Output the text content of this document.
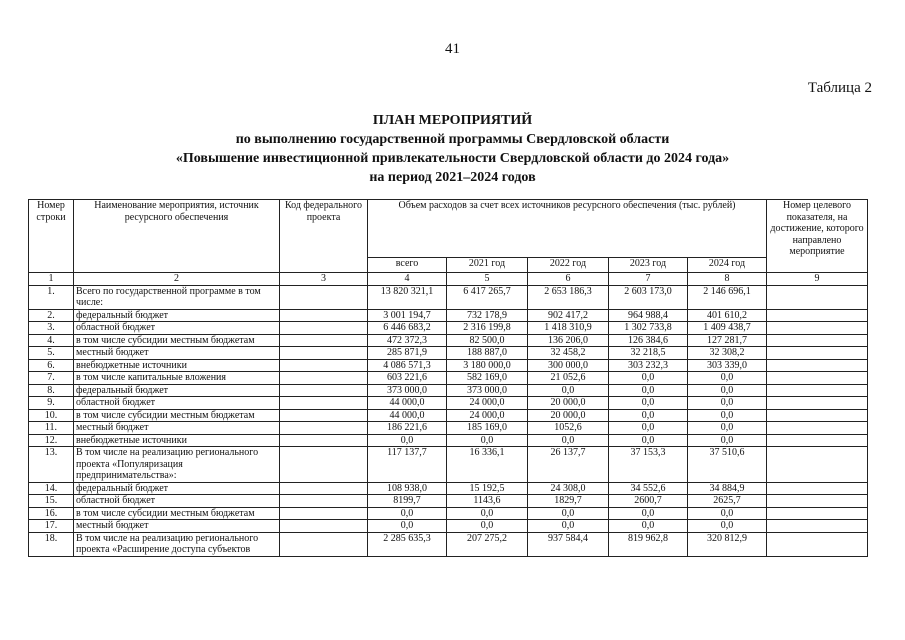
41
Таблица 2
ПЛАН МЕРОПРИЯТИЙ
по выполнению государственной программы Свердловской области
«Повышение инвестиционной привлекательности Свердловской области до 2024 года»
на период 2021–2024 годов
Номер строки	Наименование мероприятия, источник ресурсного обеспечения	Код федерального проекта	Объем расходов за счет всех источников ресурсного обеспечения (тыс. рублей)					Номер целевого показателя, на достижение, которого направлено мероприятие
			всего	2021 год	2022 год	2023 год	2024 год	
1	2	3	4	5	6	7	8	9
1.	Всего по государственной программе в том числе:		13 820 321,1	6 417 265,7	2 653 186,3	2 603 173,0	2 146 696,1	
2.	федеральный бюджет		3 001 194,7	732 178,9	902 417,2	964 988,4	401 610,2	
3.	областной бюджет		6 446 683,2	2 316 199,8	1 418 310,9	1 302 733,8	1 409 438,7	
4.	в том числе субсидии местным бюджетам		472 372,3	82 500,0	136 206,0	126 384,6	127 281,7	
5.	местный бюджет		285 871,9	188 887,0	32 458,2	32 218,5	32 308,2	
6.	внебюджетные источники		4 086 571,3	3 180 000,0	300 000,0	303 232,3	303 339,0	
7.	в том числе капитальные вложения		603 221,6	582 169,0	21 052,6	0,0	0,0	
8.	федеральный бюджет		373 000,0	373 000,0	0,0	0,0	0,0	
9.	областной бюджет		44 000,0	24 000,0	20 000,0	0,0	0,0	
10.	в том числе субсидии местным бюджетам		44 000,0	24 000,0	20 000,0	0,0	0,0	
11.	местный бюджет		186 221,6	185 169,0	1052,6	0,0	0,0	
12.	внебюджетные источники		0,0	0,0	0,0	0,0	0,0	
13.	В том числе на реализацию регионального проекта «Популяризация предпринимательства»:		117 137,7	16 336,1	26 137,7	37 153,3	37 510,6	
14.	федеральный бюджет		108 938,0	15 192,5	24 308,0	34 552,6	34 884,9	
15.	областной бюджет		8199,7	1143,6	1829,7	2600,7	2625,7	
16.	в том числе субсидии местным бюджетам		0,0	0,0	0,0	0,0	0,0	
17.	местный бюджет		0,0	0,0	0,0	0,0	0,0	
18.	В том числе на реализацию регионального проекта «Расширение доступа субъектов		2 285 635,3	207 275,2	937 584,4	819 962,8	320 812,9	
